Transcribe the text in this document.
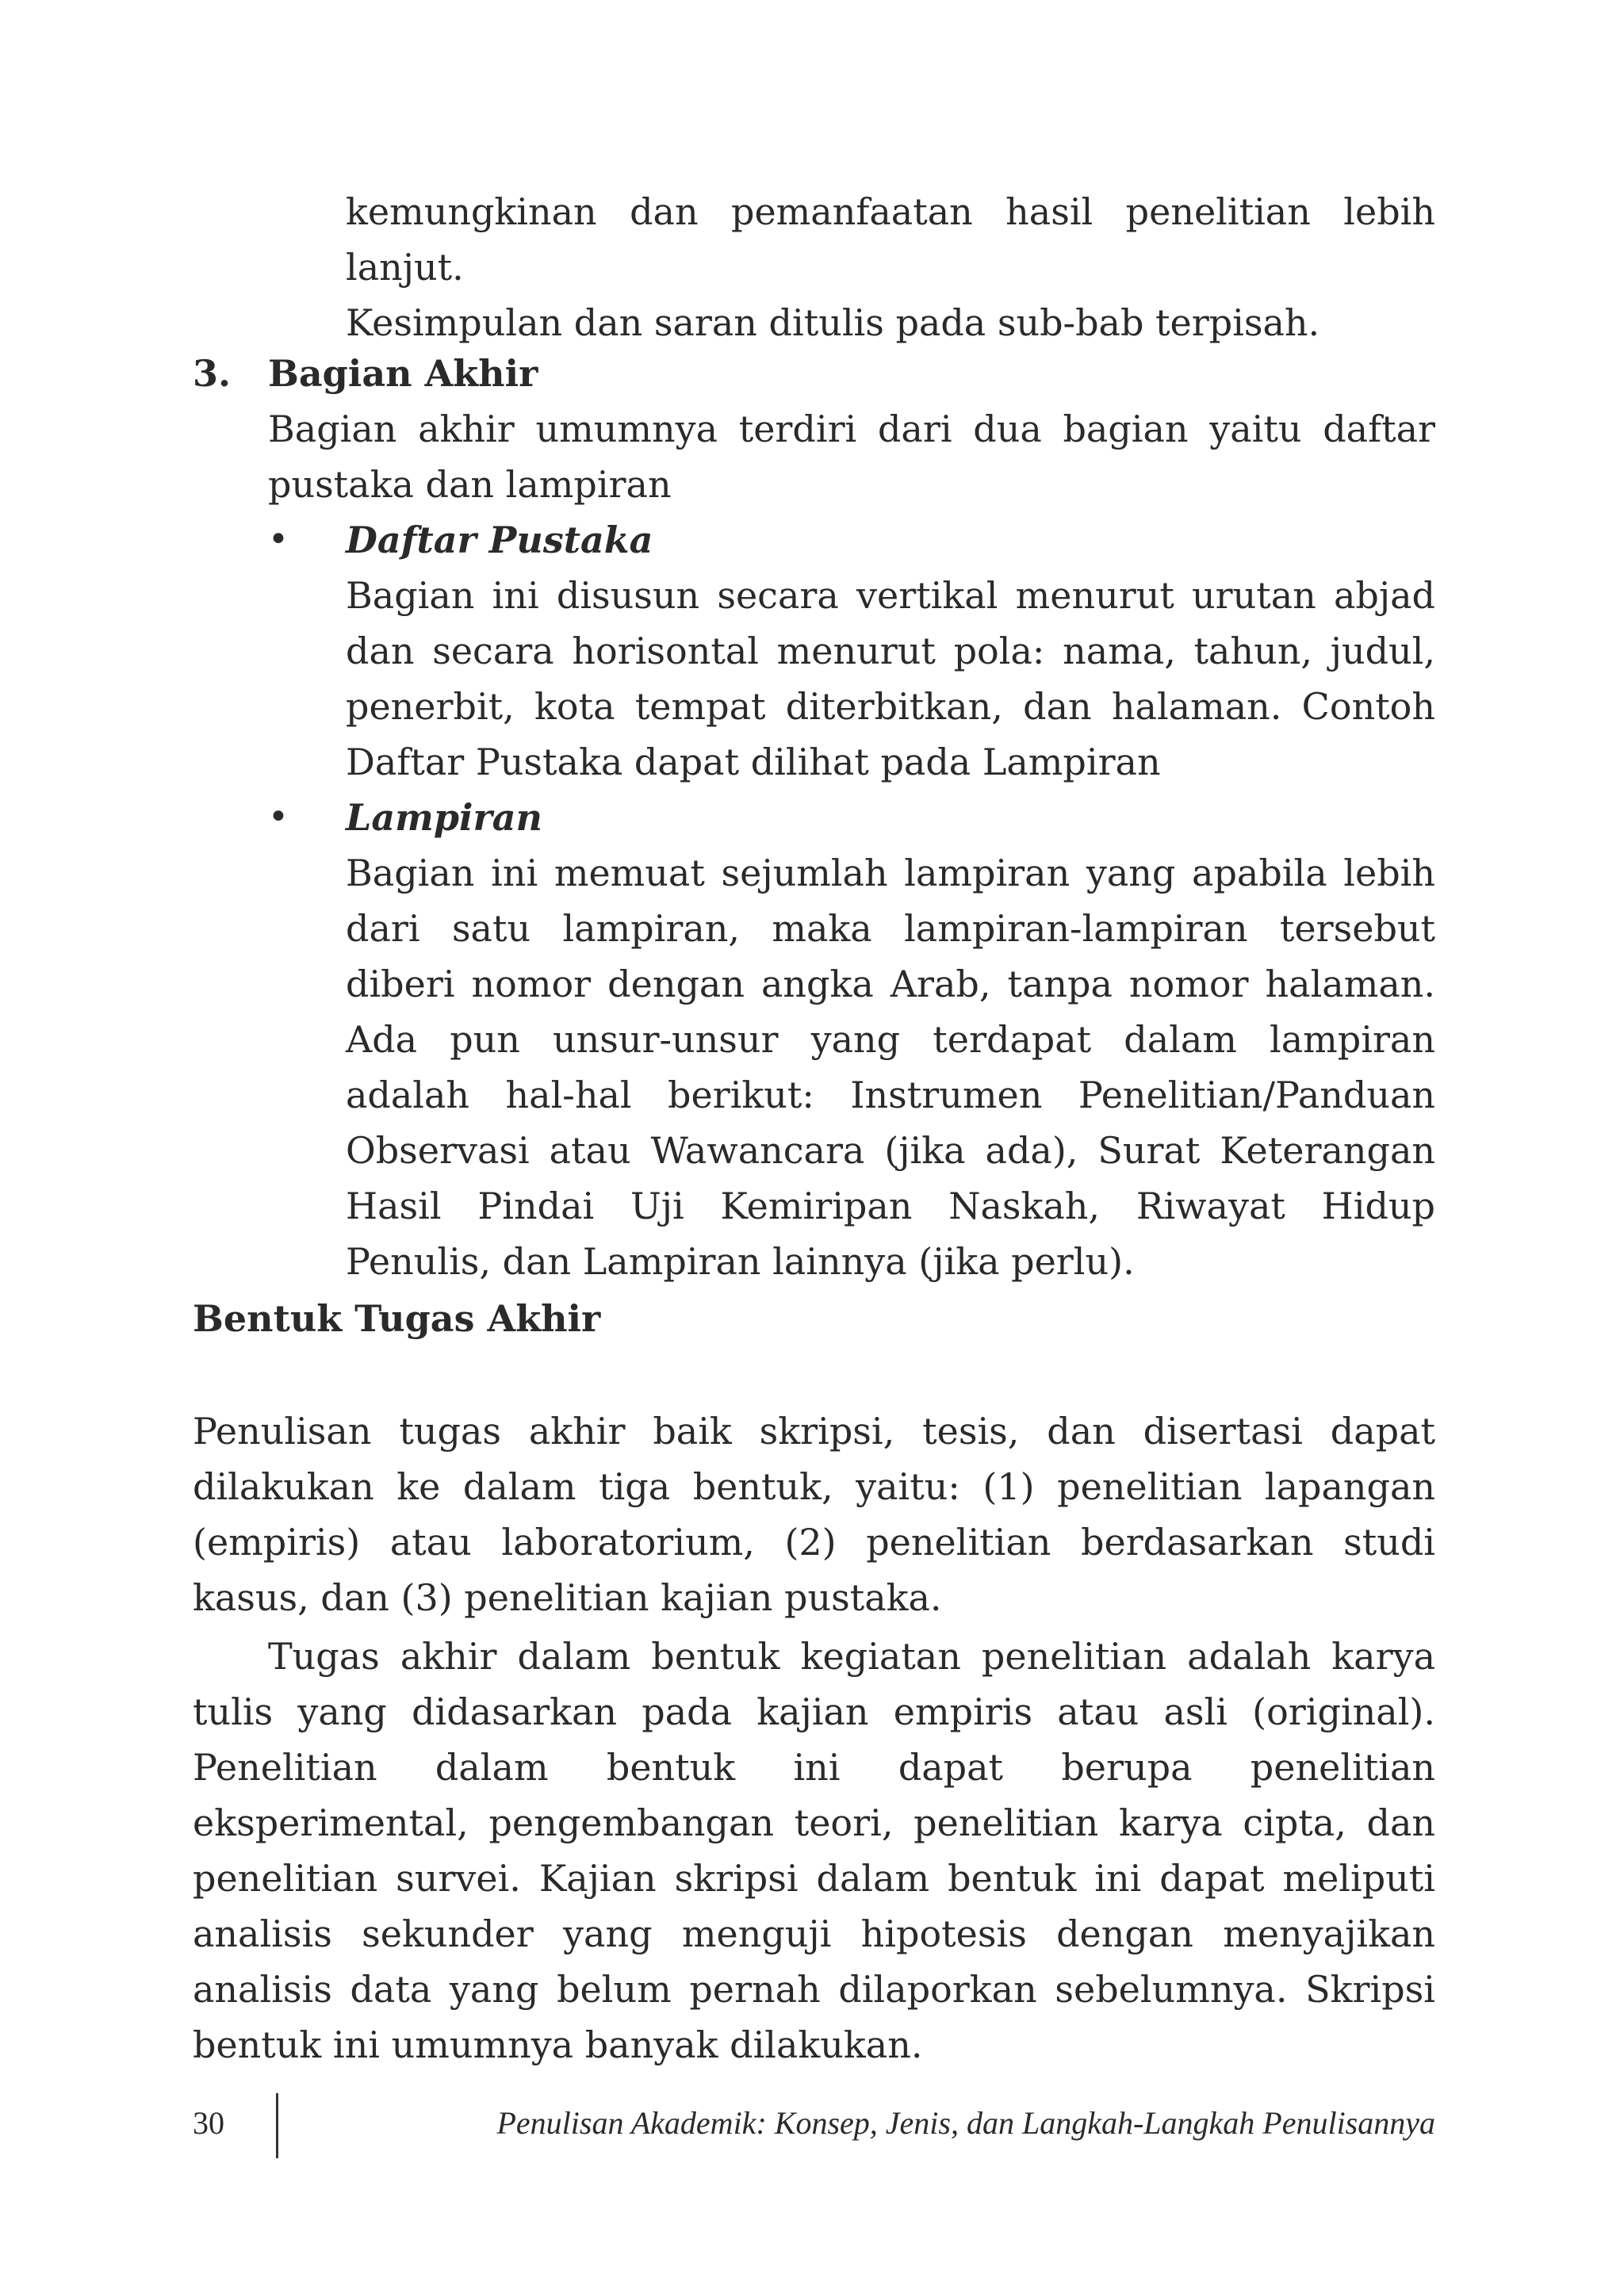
kemungkinan dan pemanfaatan hasil penelitian lebih lanjut.
Kesimpulan dan saran ditulis pada sub-bab terpisah.
3.	Bagian Akhir

Bagian akhir umumnya terdiri dari dua bagian yaitu daftar pustaka dan lampiran

•	Daftar Pustaka

Bagian ini disusun secara vertikal menurut urutan abjad dan secara horisontal menurut pola: nama, tahun, judul, penerbit, kota tempat diterbitkan, dan halaman. Contoh Daftar Pustaka dapat dilihat pada Lampiran

•	Lampiran

Bagian ini memuat sejumlah lampiran yang apabila lebih dari satu lampiran, maka lampiran-lampiran tersebut diberi nomor dengan angka Arab, tanpa nomor halaman. Ada pun unsur-unsur yang terdapat dalam lampiran adalah hal-hal berikut: Instrumen Penelitian/Panduan Observasi atau Wawancara (jika ada), Surat Keterangan Hasil Pindai Uji Kemiripan Naskah, Riwayat Hidup Penulis, dan Lampiran lainnya (jika perlu).

Bentuk Tugas Akhir

Penulisan tugas akhir baik skripsi, tesis, dan disertasi dapat dilakukan ke dalam tiga bentuk, yaitu: (1) penelitian lapangan (empiris) atau laboratorium, (2) penelitian berdasarkan studi kasus, dan (3) penelitian kajian pustaka.

Tugas akhir dalam bentuk kegiatan penelitian adalah karya tulis yang didasarkan pada kajian empiris atau asli (original). Penelitian dalam bentuk ini dapat berupa penelitian eksperimental, pengembangan teori, penelitian karya cipta, dan penelitian survei. Kajian skripsi dalam bentuk ini dapat meliputi analisis sekunder yang menguji hipotesis dengan menyajikan analisis data yang belum pernah dilaporkan sebelumnya. Skripsi bentuk ini umumnya banyak dilakukan.

30	Penulisan Akademik: Konsep, Jenis, dan Langkah-Langkah Penulisannya
